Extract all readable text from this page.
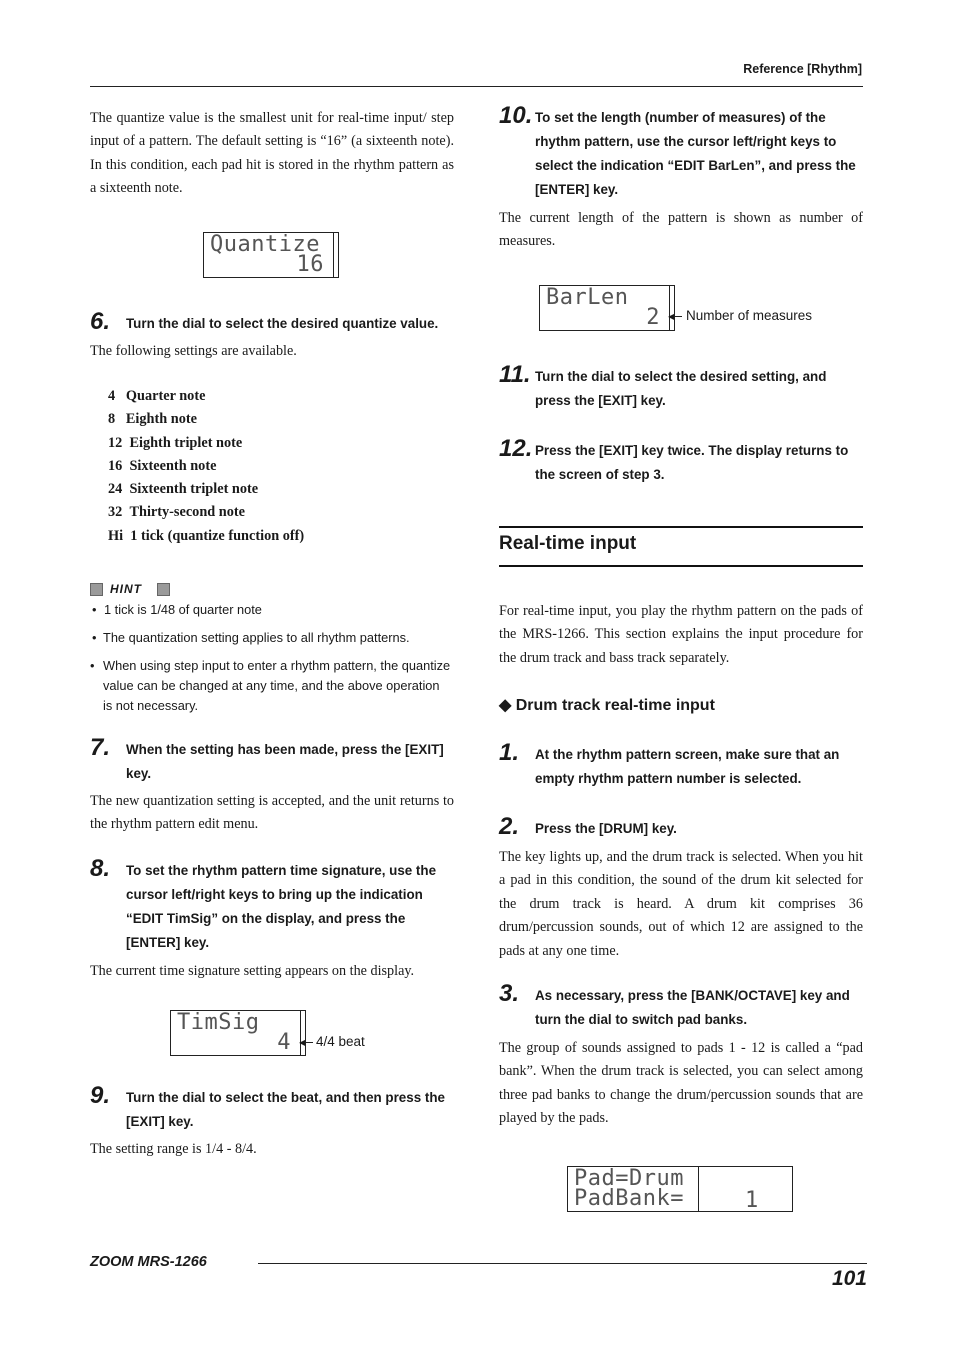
Reference [Rhythm]
The quantize value is the smallest unit for real-time input/ step input of a pattern. The default setting is “16” (a sixteenth note). In this condition, each pad hit is stored in the rhythm pattern as a sixteenth note.
Quantize
16
6. Turn the dial to select the desired quantize value.
The following settings are available.
4 Quarter note
8 Eighth note
12 Eighth triplet note
16 Sixteenth note
24 Sixteenth triplet note
32 Thirty-second note
Hi 1 tick (quantize function off)
HINT
• 1 tick is 1/48 of quarter note
• The quantization setting applies to all rhythm patterns.
• When using step input to enter a rhythm pattern, the quantize value can be changed at any time, and the above operation is not necessary.
7. When the setting has been made, press the [EXIT] key.
The new quantization setting is accepted, and the unit returns to the rhythm pattern edit menu.
8. To set the rhythm pattern time signature, use the cursor left/right keys to bring up the indication “EDIT TimSig” on the display, and press the [ENTER] key.
The current time signature setting appears on the display.
TimSig
4 ◀ 4/4 beat
9. Turn the dial to select the beat, and then press the [EXIT] key.
The setting range is 1/4 - 8/4.
10. To set the length (number of measures) of the rhythm pattern, use the cursor left/right keys to select the indication “EDIT BarLen”, and press the [ENTER] key.
The current length of the pattern is shown as number of measures.
BarLen
2 ◀ Number of measures
11. Turn the dial to select the desired setting, and press the [EXIT] key.
12. Press the [EXIT] key twice. The display returns to the screen of step 3.
Real-time input
For real-time input, you play the rhythm pattern on the pads of the MRS-1266. This section explains the input procedure for the drum track and bass track separately.
◆ Drum track real-time input
1. At the rhythm pattern screen, make sure that an empty rhythm pattern number is selected.
2. Press the [DRUM] key.
The key lights up, and the drum track is selected. When you hit a pad in this condition, the sound of the drum kit selected for the drum track is heard. A drum kit comprises 36 drum/percussion sounds, out of which 12 are assigned to the pads at any one time.
3. As necessary, press the [BANK/OCTAVE] key and turn the dial to switch pad banks.
The group of sounds assigned to pads 1 - 12 is called a “pad bank”. When the drum track is selected, you can select among three pad banks to change the drum/percussion sounds that are played by the pads.
Pad=Drum
PadBank=	1
ZOOM MRS-1266
101
